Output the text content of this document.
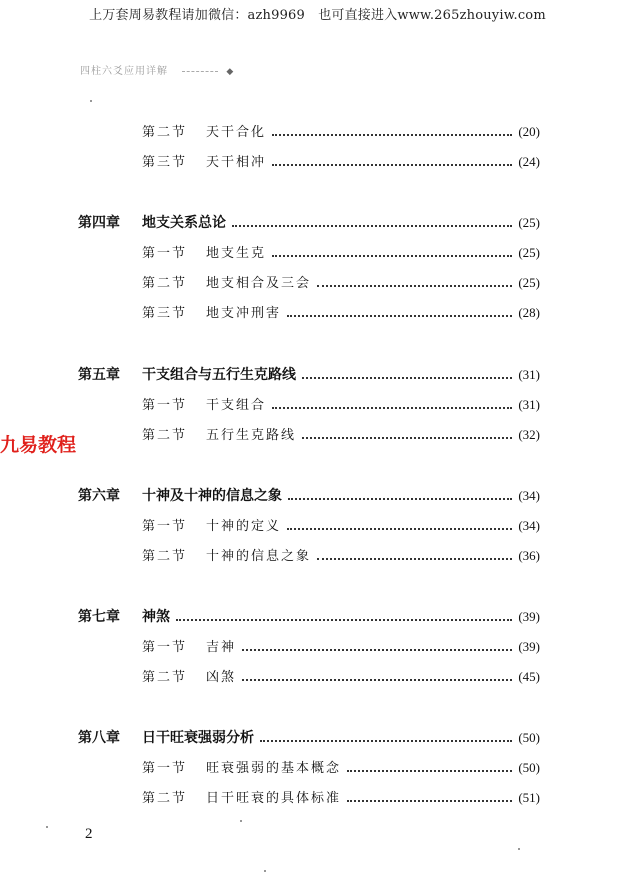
上万套周易教程请加微信：azh9969　也可直接进入www.265zhouyiw.com
四柱六爻应用详解	◆
九易教程
第二节	天干合化	(20)
第三节	天干相冲	(24)
第四章	地支关系总论	(25)
第一节	地支生克	(25)
第二节	地支相合及三会	(25)
第三节	地支冲刑害	(28)
第五章	干支组合与五行生克路线	(31)
第一节	干支组合	(31)
第二节	五行生克路线	(32)
第六章	十神及十神的信息之象	(34)
第一节	十神的定义	(34)
第二节	十神的信息之象	(36)
第七章	神煞	(39)
第一节	吉神	(39)
第二节	凶煞	(45)
第八章	日干旺衰强弱分析	(50)
第一节	旺衰强弱的基本概念	(50)
第二节	日干旺衰的具体标准	(51)
2
